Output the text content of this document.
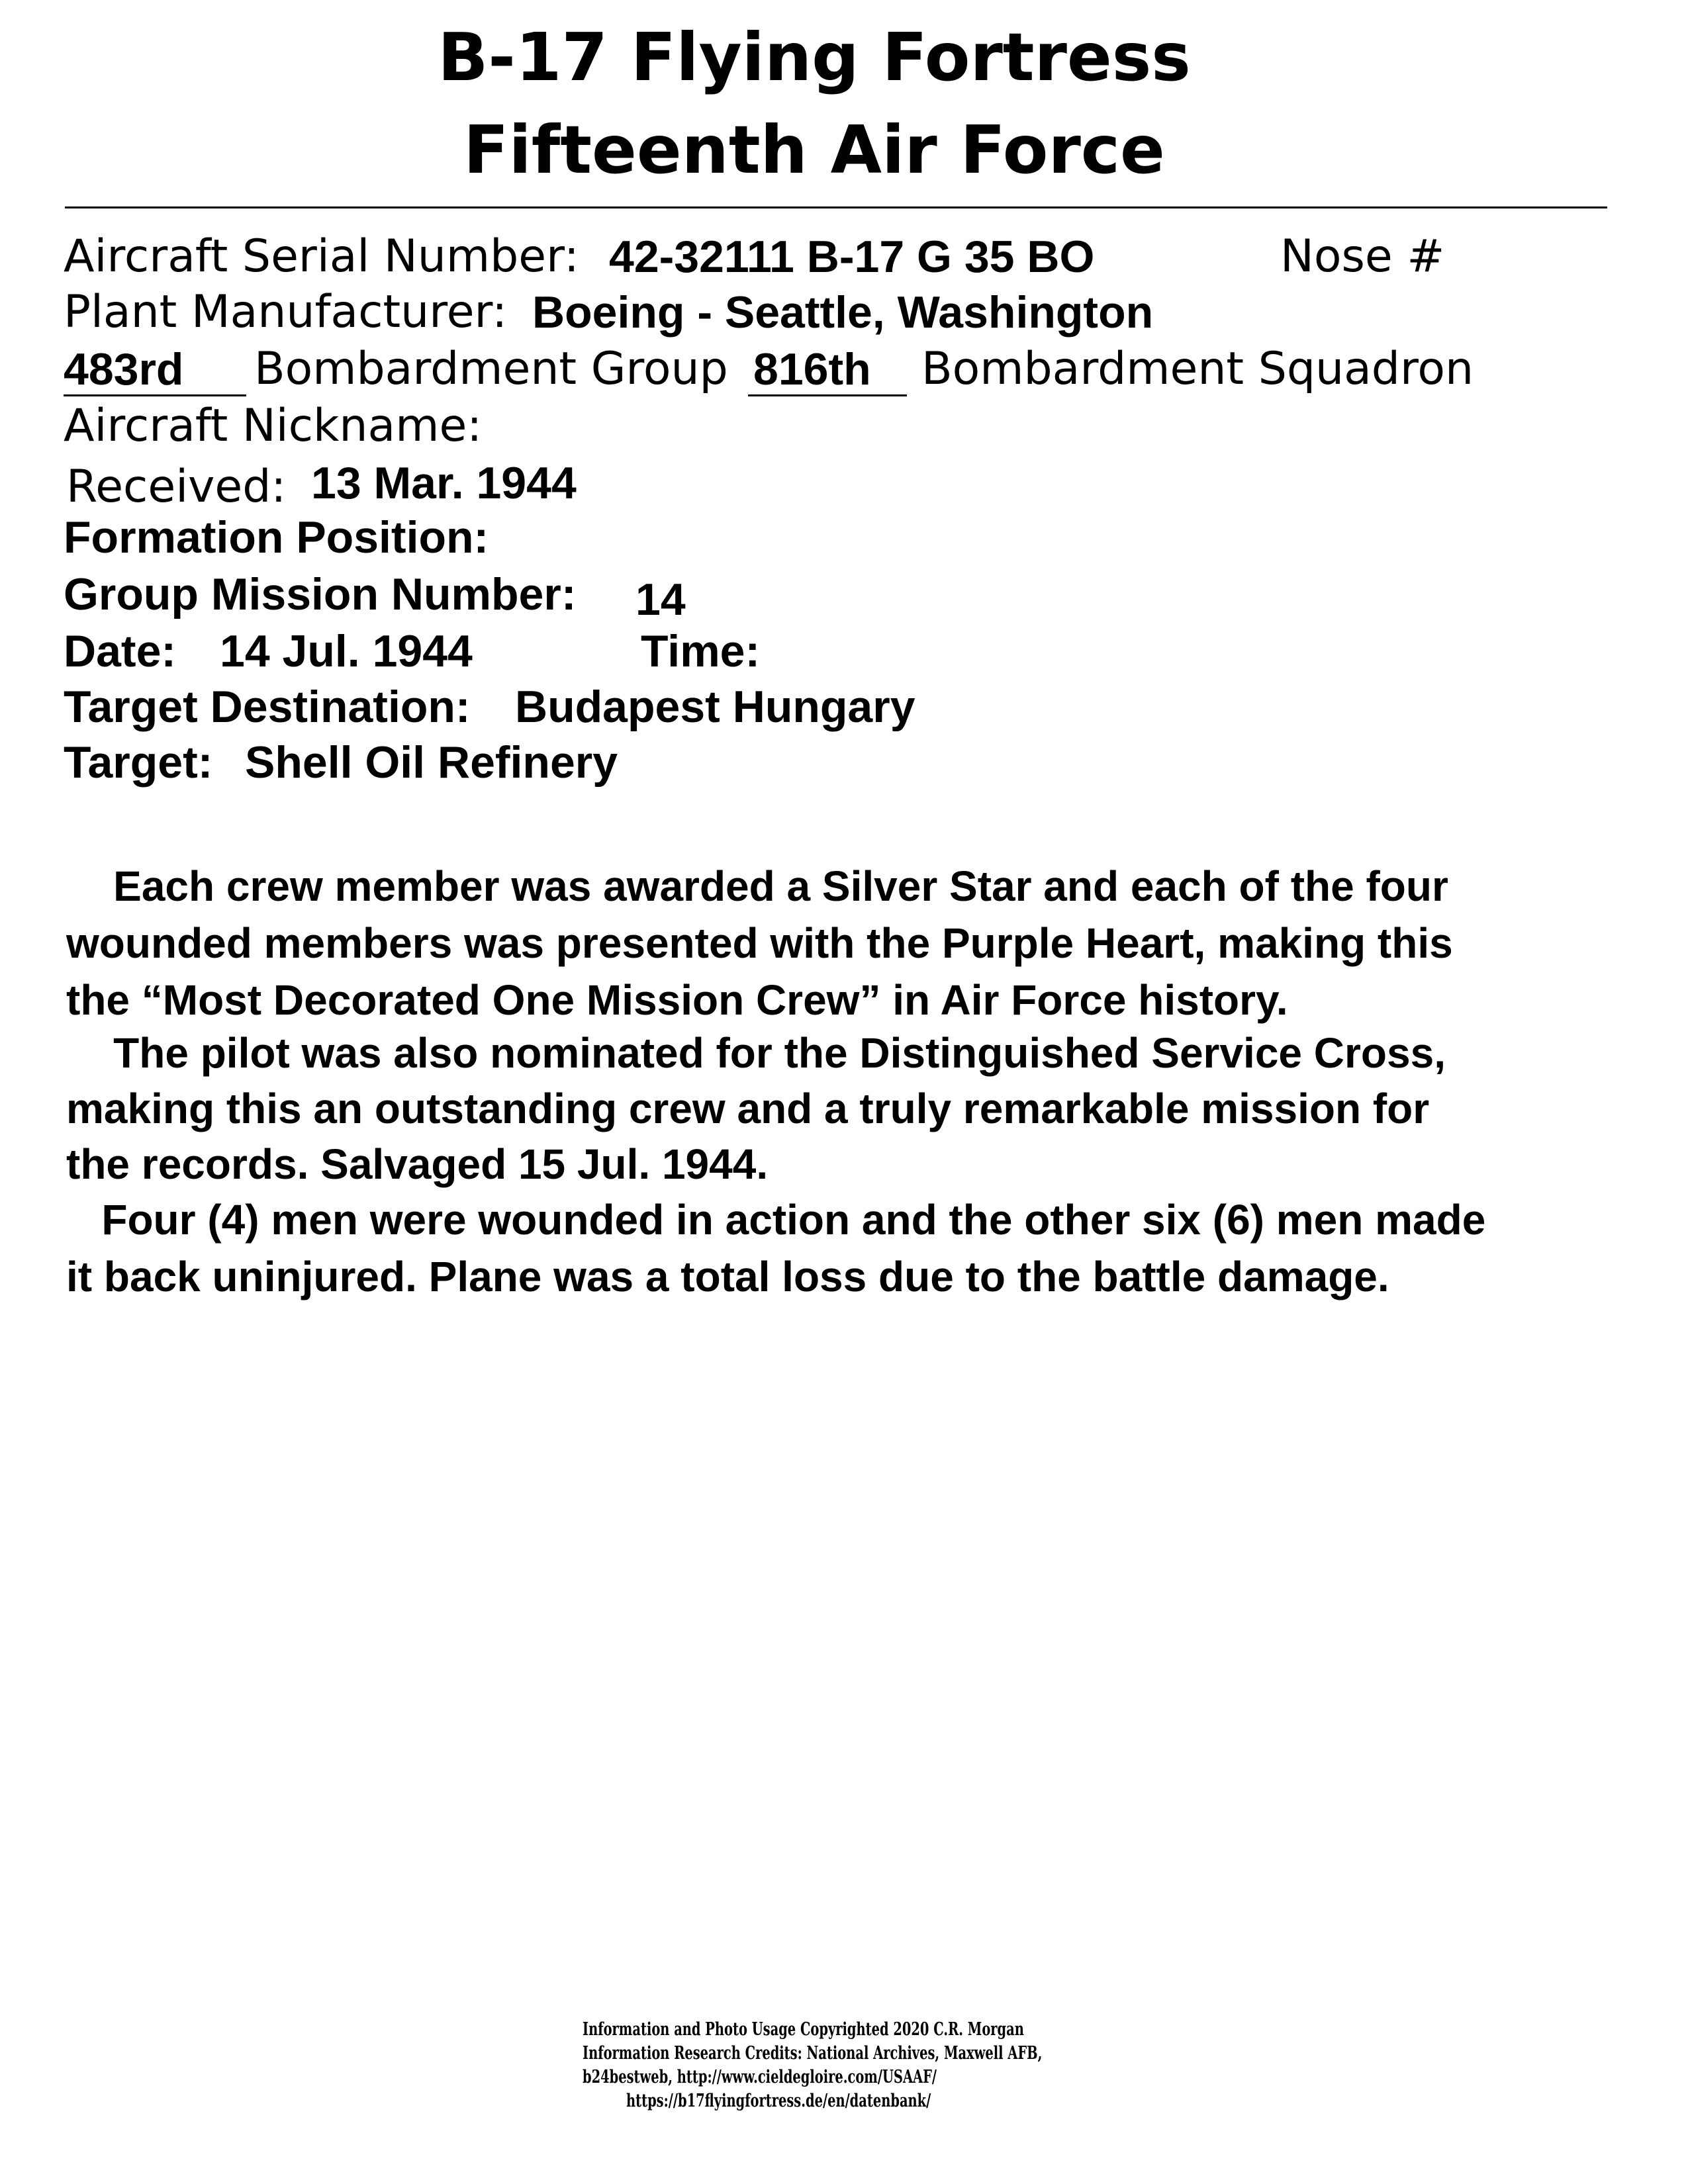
B-17 Flying Fortress
Fifteenth Air Force
Aircraft Serial Number: 42-32111 B-17 G 35 BO	Nose #
Plant Manufacturer: Boeing - Seattle, Washington
483rd Bombardment Group 816th Bombardment Squadron
Aircraft Nickname:
Received: 13 Mar. 1944
Formation Position:
Group Mission Number: 14
Date: 14 Jul. 1944	Time:
Target Destination: Budapest Hungary
Target: Shell Oil Refinery
Each crew member was awarded a Silver Star and each of the four
wounded members was presented with the Purple Heart, making this
the “Most Decorated One Mission Crew” in Air Force history.
The pilot was also nominated for the Distinguished Service Cross,
making this an outstanding crew and a truly remarkable mission for
the records. Salvaged 15 Jul. 1944.
Four (4) men were wounded in action and the other six (6) men made
it back uninjured. Plane was a total loss due to the battle damage.
Information and Photo Usage Copyrighted 2020 C.R. Morgan
Information Research Credits: National Archives, Maxwell AFB,
b24bestweb, http://www.cieldegloire.com/USAAF/
https://b17flyingfortress.de/en/datenbank/
